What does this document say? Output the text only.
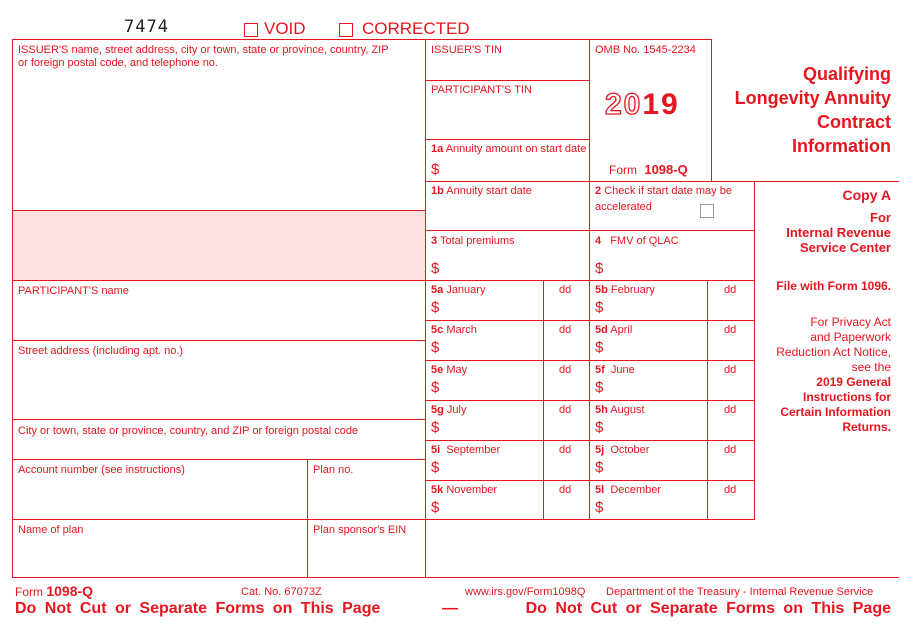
7474	VOID	CORRECTED
ISSUER'S name, street address, city or town, state or province, country, ZIP
or foreign postal code, and telephone no.
ISSUER'S TIN
PARTICIPANT'S TIN
OMB No. 1545-2234
2019
Form 1098-Q
Qualifying
Longevity Annuity
Contract
Information
1a Annuity amount on start date
$
1b Annuity start date	2 Check if start date may be
accelerated
3 Total premiums
$
4 FMV of QLAC
$
5a January	dd
$
5b February	dd
$
5c March	dd
$
5d April	dd
$
5e May	dd
$
5f June	dd
$
5g July	dd
$
5h August	dd
$
5i September	dd
$
5j October	dd
$
5k November	dd
$
5l December	dd
$
PARTICIPANT'S name
Street address (including apt. no.)
City or town, state or province, country, and ZIP or foreign postal code
Account number (see instructions)	Plan no.
Name of plan	Plan sponsor's EIN
Copy A
For
Internal Revenue
Service Center
File with Form 1096.
For Privacy Act
and Paperwork
Reduction Act Notice,
see the
2019 General
Instructions for
Certain Information
Returns.
Form 1098-Q	Cat. No. 67073Z	www.irs.gov/Form1098Q Department of the Treasury - Internal Revenue Service
Do Not Cut or Separate Forms on This Page	—	Do Not Cut or Separate Forms on This Page
